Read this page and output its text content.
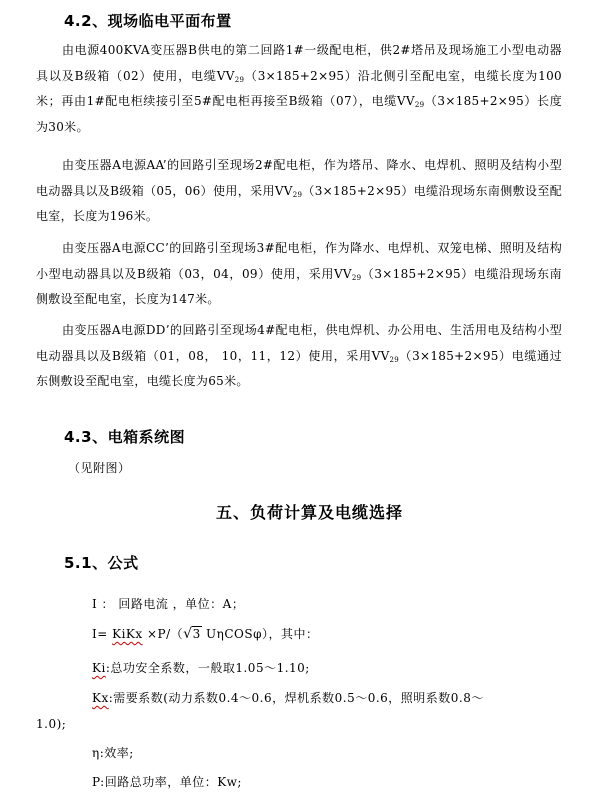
4.2、现场临电平面布置
由电源400KVA变压器B供电的第二回路1#一级配电柜，供2#塔吊及现场施工小型电动器具以及B级箱（02）使用，电缆$VV_{29}(3\times 185+2\times 95)$沿北侧引至配电室，电缆长度为100米；再由1#配电柜续接引至5#配电柜再接至B级箱（07），电缆$VV_{29}(3\times 185+2\times 95)$长度为30米。
由变压器A电源AA’的回路引至现场2#配电柜，作为塔吊、降水、电焊机、照明及结构小型电动器具以及B级箱（05，06）使用，采用$VV_{29}(3\times 185+2\times 95)$电缆沿现场东南侧敷设至配电室，长度为196米。
由变压器A电源CC’的回路引至现场3#配电柜，作为降水、电焊机、双笼电梯、照明及结构小型电动器具以及B级箱（03，04，09）使用，采用$VV_{29}(3\times 185+2\times 95)$电缆沿现场东南侧敷设至配电室，长度为147米。
由变压器A电源DD’的回路引至现场4#配电柜，供电焊机、办公用电、生活用电及结构小型电动器具以及B级箱（01，08， 10，11，12）使用，采用$VV_{29}(3\times 185+2\times 95)$电缆通过东侧敷设至配电室，电缆长度为65米。
4.3、电箱系统图
（见附图）
五、负荷计算及电缆选择
5.1、公式
I ： 回路电流 ，单位：A；
I= KiKx ×P/（√3 UηCOSφ），其中：
Ki:总功安全系数，一般取1.05～1.10;
Kx:需要系数(动力系数0.4～0.6，焊机系数0.5～0.6，照明系数0.8～
1.0);
η:效率;
P:回路总功率，单位：Kw;
